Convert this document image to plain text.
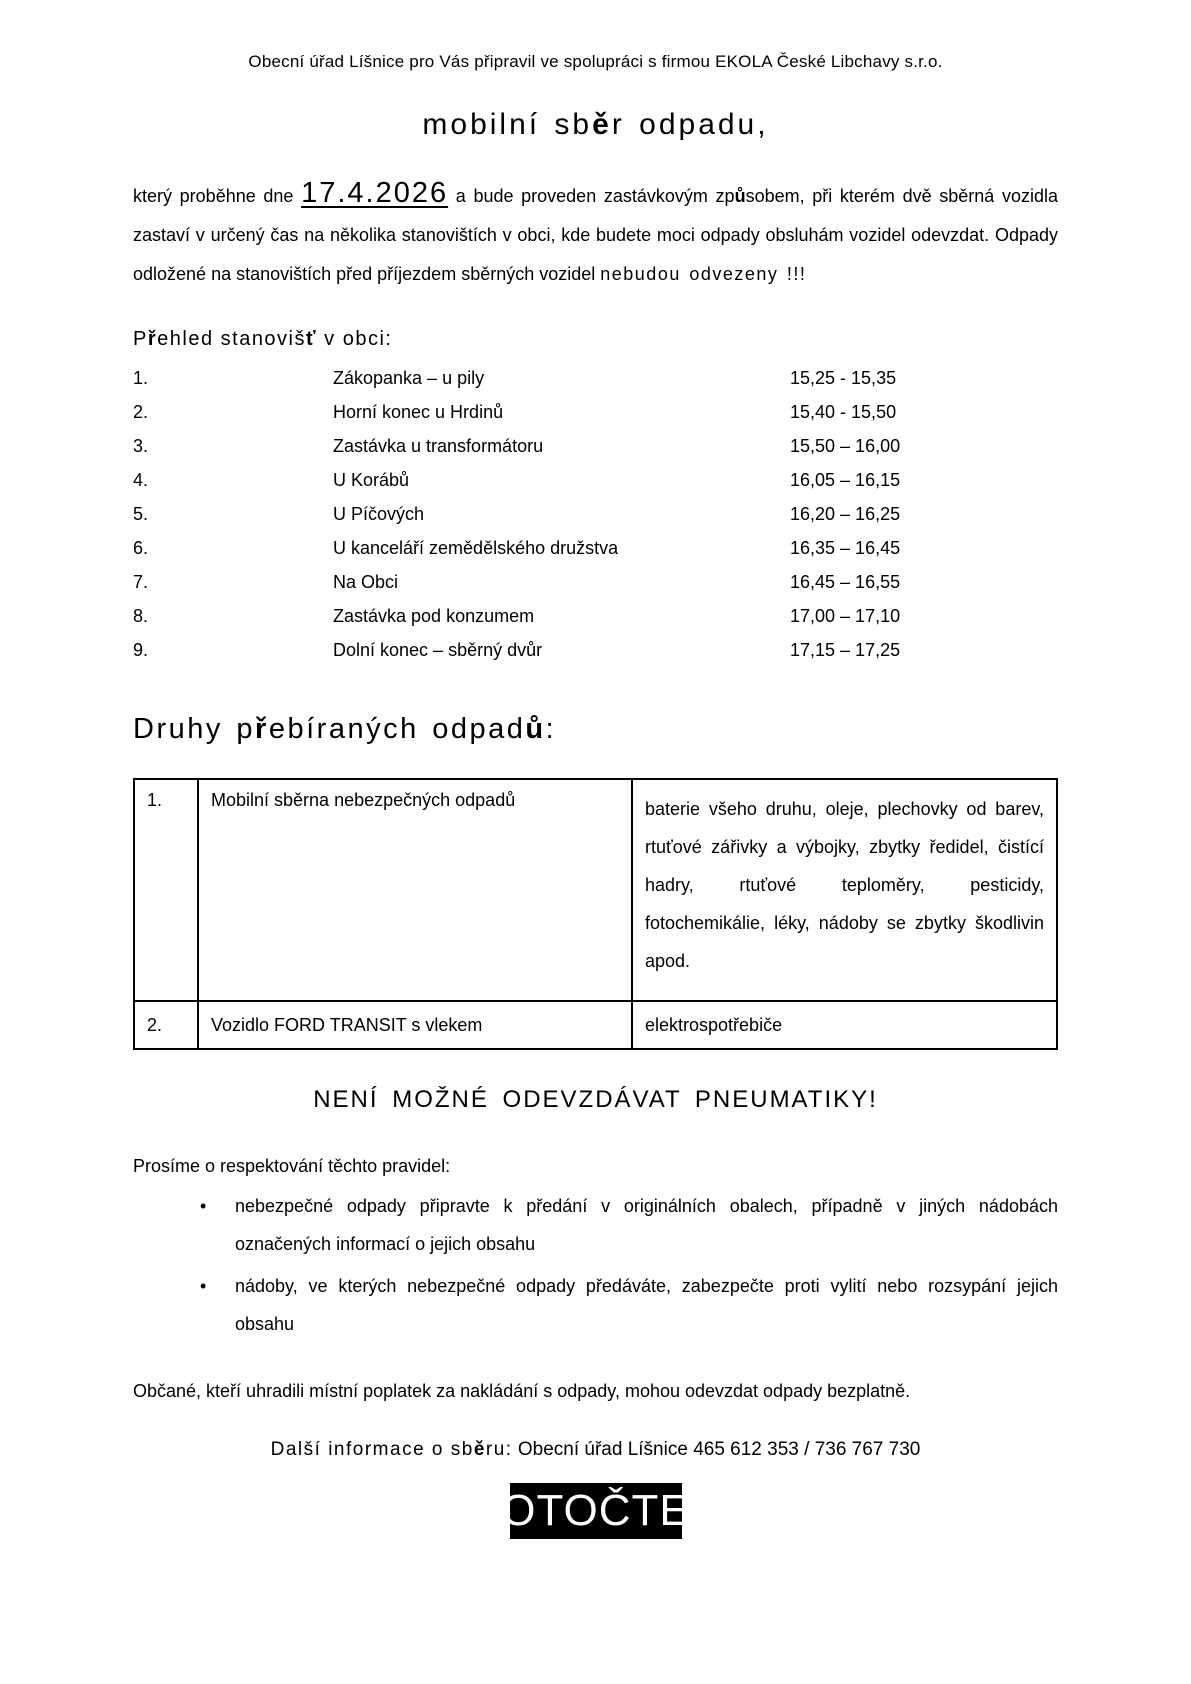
Obecní úřad Líšnice pro Vás připravil ve spolupráci s firmou EKOLA České Libchavy s.r.o.
mobilní sběr odpadu,

který proběhne dne 17.4.2026 a bude proveden zastávkovým způsobem, při kterém dvě sběrná vozidla zastaví v určený čas na několika stanovištích v obci, kde budete moci odpady obsluhám vozidel odevzdat. Odpady odložené na stanovištích před příjezdem sběrných vozidel nebudou odvezeny !!!

Přehled stanovišť v obci:
1.	Zákopanka – u pily	15,25 - 15,35
2.	Horní konec u Hrdinů	15,40 - 15,50
3.	Zastávka u transformátoru	15,50 – 16,00
4.	U Korábů	16,05 – 16,15
5.	U Píčových	16,20 – 16,25
6.	U kanceláří zemědělského družstva	16,35 – 16,45
7.	Na Obci	16,45 – 16,55
8.	Zastávka pod konzumem	17,00 – 17,10
9.	Dolní konec – sběrný dvůr	17,15 – 17,25
Druhy přebíraných odpadů:
1.	Mobilní sběrna nebezpečných odpadů	baterie všeho druhu, oleje, plechovky od barev, rtuťové zářivky a výbojky, zbytky ředidel, čistící hadry, rtuťové teploměry, pesticidy, fotochemikálie, léky, nádoby se zbytky škodlivin apod.
2.	Vozidlo FORD TRANSIT s vlekem	elektrospotřebiče
NENÍ MOŽNÉ ODEVZDÁVAT PNEUMATIKY!
Prosíme o respektování těchto pravidel:
• nebezpečné odpady připravte k předání v originálních obalech, případně v jiných nádobách označených informací o jejich obsahu
• nádoby, ve kterých nebezpečné odpady předáváte, zabezpečte proti vylití nebo rozsypání jejich obsahu

Občané, kteří uhradili místní poplatek za nakládání s odpady, mohou odevzdat odpady bezplatně.

Další informace o sběru: Obecní úřad Líšnice 465 612 353 / 736 767 730
OTOČTE
